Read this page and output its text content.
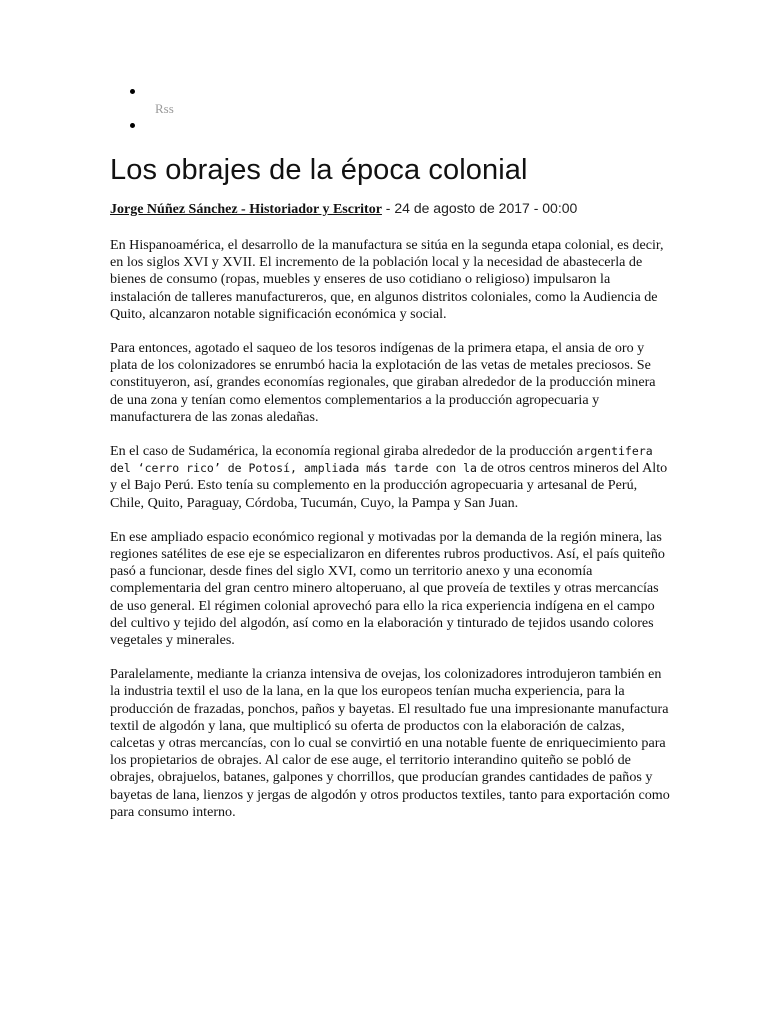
Rss
Los obrajes de la época colonial
Jorge Núñez Sánchez - Historiador y Escritor - 24 de agosto de 2017 - 00:00

En Hispanoamérica, el desarrollo de la manufactura se sitúa en la segunda etapa colonial, es decir, en los siglos XVI y XVII. El incremento de la población local y la necesidad de abastecerla de bienes de consumo (ropas, muebles y enseres de uso cotidiano o religioso) impulsaron la instalación de talleres manufactureros, que, en algunos distritos coloniales, como la Audiencia de Quito, alcanzaron notable significación económica y social.

Para entonces, agotado el saqueo de los tesoros indígenas de la primera etapa, el ansia de oro y plata de los colonizadores se enrumbó hacia la explotación de las vetas de metales preciosos. Se constituyeron, así, grandes economías regionales, que giraban alrededor de la producción minera de una zona y tenían como elementos complementarios a la producción agropecuaria y manufacturera de las zonas aledañas.

En el caso de Sudamérica, la economía regional giraba alrededor de la producción argentifera del ‘cerro rico’ de Potosí, ampliada más tarde con la de otros centros mineros del Alto y el Bajo Perú. Esto tenía su complemento en la producción agropecuaria y artesanal de Perú, Chile, Quito, Paraguay, Córdoba, Tucumán, Cuyo, la Pampa y San Juan.

En ese ampliado espacio económico regional y motivadas por la demanda de la región minera, las regiones satélites de ese eje se especializaron en diferentes rubros productivos. Así, el país quiteño pasó a funcionar, desde fines del siglo XVI, como un territorio anexo y una economía complementaria del gran centro minero altoperuano, al que proveía de textiles y otras mercancías de uso general. El régimen colonial aprovechó para ello la rica experiencia indígena en el campo del cultivo y tejido del algodón, así como en la elaboración y tinturado de tejidos usando colores vegetales y minerales.

Paralelamente, mediante la crianza intensiva de ovejas, los colonizadores introdujeron también en la industria textil el uso de la lana, en la que los europeos tenían mucha experiencia, para la producción de frazadas, ponchos, paños y bayetas. El resultado fue una impresionante manufactura textil de algodón y lana, que multiplicó su oferta de productos con la elaboración de calzas, calcetas y otras mercancías, con lo cual se convirtió en una notable fuente de enriquecimiento para los propietarios de obrajes. Al calor de ese auge, el territorio interandino quiteño se pobló de obrajes, obrajuelos, batanes, galpones y chorrillos, que producían grandes cantidades de paños y bayetas de lana, lienzos y jergas de algodón y otros productos textiles, tanto para exportación como para consumo interno.
